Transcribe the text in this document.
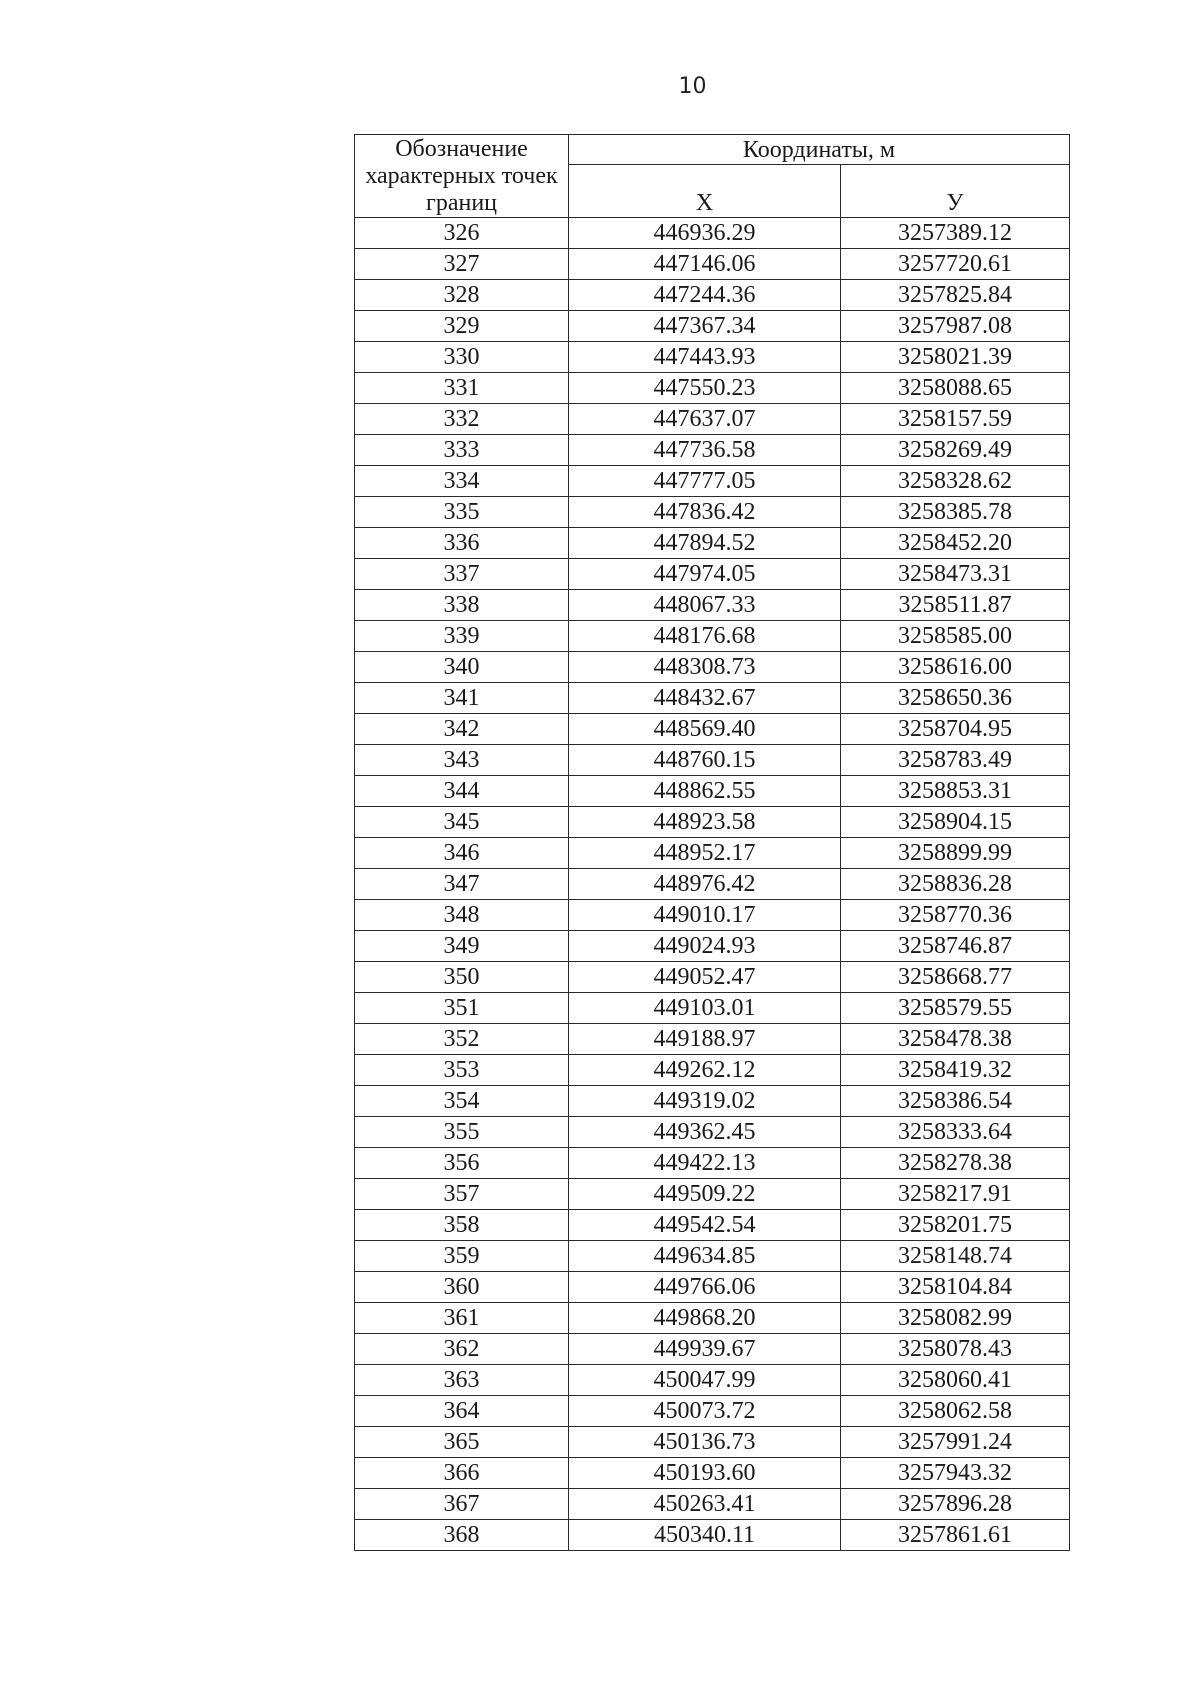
10
Обозначение характерных точек границ	Координаты, м	
	Х	У
326	446936.29	3257389.12
327	447146.06	3257720.61
328	447244.36	3257825.84
329	447367.34	3257987.08
330	447443.93	3258021.39
331	447550.23	3258088.65
332	447637.07	3258157.59
333	447736.58	3258269.49
334	447777.05	3258328.62
335	447836.42	3258385.78
336	447894.52	3258452.20
337	447974.05	3258473.31
338	448067.33	3258511.87
339	448176.68	3258585.00
340	448308.73	3258616.00
341	448432.67	3258650.36
342	448569.40	3258704.95
343	448760.15	3258783.49
344	448862.55	3258853.31
345	448923.58	3258904.15
346	448952.17	3258899.99
347	448976.42	3258836.28
348	449010.17	3258770.36
349	449024.93	3258746.87
350	449052.47	3258668.77
351	449103.01	3258579.55
352	449188.97	3258478.38
353	449262.12	3258419.32
354	449319.02	3258386.54
355	449362.45	3258333.64
356	449422.13	3258278.38
357	449509.22	3258217.91
358	449542.54	3258201.75
359	449634.85	3258148.74
360	449766.06	3258104.84
361	449868.20	3258082.99
362	449939.67	3258078.43
363	450047.99	3258060.41
364	450073.72	3258062.58
365	450136.73	3257991.24
366	450193.60	3257943.32
367	450263.41	3257896.28
368	450340.11	3257861.61
